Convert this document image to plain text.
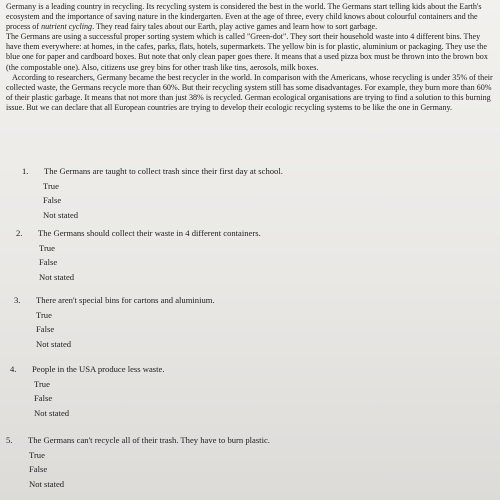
Germany is a leading country in recycling. Its recycling system is considered the best in the world. The Germans start telling kids about the Earth's ecosystem and the importance of saving nature in the kindergarten. Even at the age of three, every child knows about colourful containers and the process of nutrient cycling. They read fairy tales about our Earth, play active games and learn how to sort garbage.

The Germans are using a successful proper sorting system which is called "Green-dot". They sort their household waste into 4 different bins. They have them everywhere: at homes, in the cafes, parks, flats, hotels, supermarkets. The yellow bin is for plastic, aluminium or packaging. They use the blue one for paper and cardboard boxes. But note that only clean paper goes there. It means that a used pizza box must be thrown into the brown box (the compostable one). Also, citizens use grey bins for other trash like tins, aerosols, milk boxes.

According to researchers, Germany became the best recycler in the world. In comparison with the Americans, whose recycling is under 35% of their collected waste, the Germans recycle more than 60%. But their recycling system still has some disadvantages. For example, they burn more than 60% of their plastic garbage. It means that not more than just 38% is recycled. German ecological organisations are trying to find a solution to this burning issue. But we can declare that all European countries are trying to develop their ecologic recycling systems to be like the one in Germany.

1.	The Germans are taught to collect trash since their first day at school.
True
False
Not stated
2.	The Germans should collect their waste in 4 different containers.
True
False
Not stated
3.	There aren't special bins for cartons and aluminium.
True
False
Not stated
4.	People in the USA produce less waste.
True
False
Not stated
5.	The Germans can't recycle all of their trash. They have to burn plastic.
True
False
Not stated
